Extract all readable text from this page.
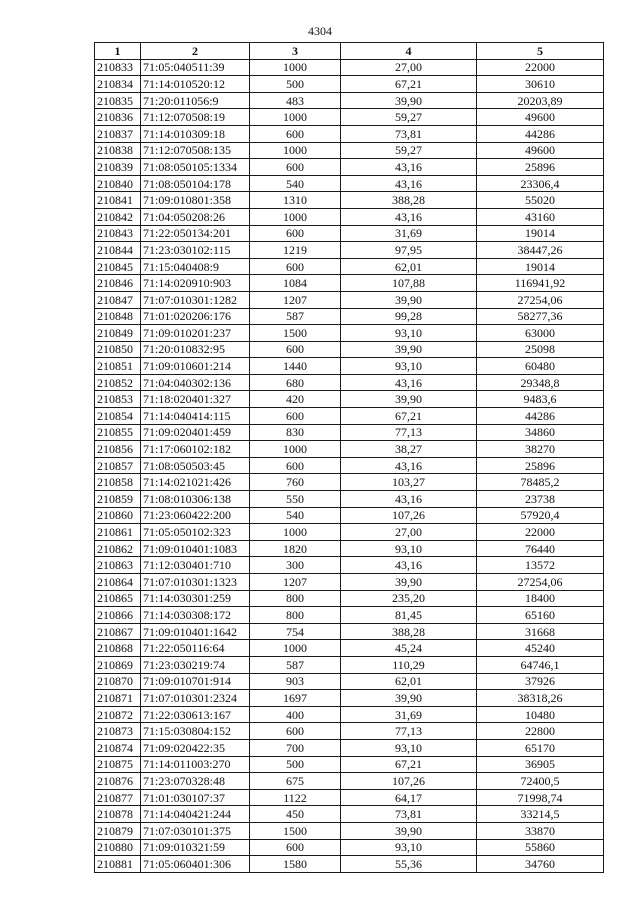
4304
1	2	3	4	5
210833	71:05:040511:39	1000	27,00	22000
210834	71:14:010520:12	500	67,21	30610
210835	71:20:011056:9	483	39,90	20203,89
210836	71:12:070508:19	1000	59,27	49600
210837	71:14:010309:18	600	73,81	44286
210838	71:12:070508:135	1000	59,27	49600
210839	71:08:050105:1334	600	43,16	25896
210840	71:08:050104:178	540	43,16	23306,4
210841	71:09:010801:358	1310	388,28	55020
210842	71:04:050208:26	1000	43,16	43160
210843	71:22:050134:201	600	31,69	19014
210844	71:23:030102:115	1219	97,95	38447,26
210845	71:15:040408:9	600	62,01	19014
210846	71:14:020910:903	1084	107,88	116941,92
210847	71:07:010301:1282	1207	39,90	27254,06
210848	71:01:020206:176	587	99,28	58277,36
210849	71:09:010201:237	1500	93,10	63000
210850	71:20:010832:95	600	39,90	25098
210851	71:09:010601:214	1440	93,10	60480
210852	71:04:040302:136	680	43,16	29348,8
210853	71:18:020401:327	420	39,90	9483,6
210854	71:14:040414:115	600	67,21	44286
210855	71:09:020401:459	830	77,13	34860
210856	71:17:060102:182	1000	38,27	38270
210857	71:08:050503:45	600	43,16	25896
210858	71:14:021021:426	760	103,27	78485,2
210859	71:08:010306:138	550	43,16	23738
210860	71:23:060422:200	540	107,26	57920,4
210861	71:05:050102:323	1000	27,00	22000
210862	71:09:010401:1083	1820	93,10	76440
210863	71:12:030401:710	300	43,16	13572
210864	71:07:010301:1323	1207	39,90	27254,06
210865	71:14:030301:259	800	235,20	18400
210866	71:14:030308:172	800	81,45	65160
210867	71:09:010401:1642	754	388,28	31668
210868	71:22:050116:64	1000	45,24	45240
210869	71:23:030219:74	587	110,29	64746,1
210870	71:09:010701:914	903	62,01	37926
210871	71:07:010301:2324	1697	39,90	38318,26
210872	71:22:030613:167	400	31,69	10480
210873	71:15:030804:152	600	77,13	22800
210874	71:09:020422:35	700	93,10	65170
210875	71:14:011003:270	500	67,21	36905
210876	71:23:070328:48	675	107,26	72400,5
210877	71:01:030107:37	1122	64,17	71998,74
210878	71:14:040421:244	450	73,81	33214,5
210879	71:07:030101:375	1500	39,90	33870
210880	71:09:010321:59	600	93,10	55860
210881	71:05:060401:306	1580	55,36	34760
